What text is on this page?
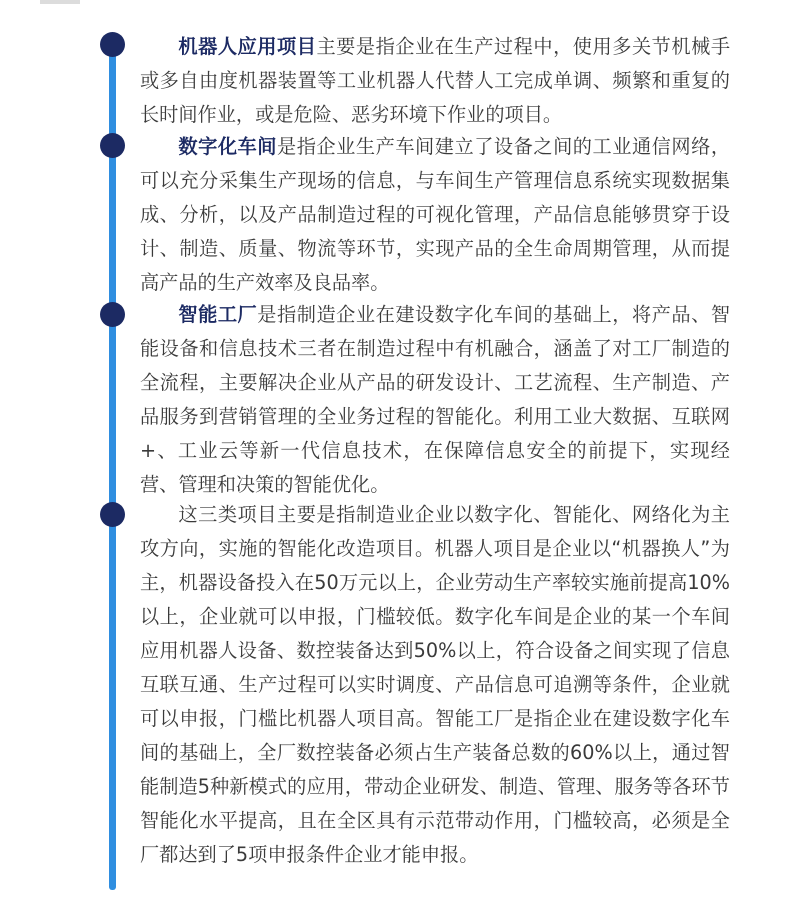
机器人应用项目主要是指企业在生产过程中，使用多关节机械手或多自由度机器装置等工业机器人代替人工完成单调、频繁和重复的长时间作业，或是危险、恶劣环境下作业的项目。

数字化车间是指企业生产车间建立了设备之间的工业通信网络，可以充分采集生产现场的信息，与车间生产管理信息系统实现数据集成、分析，以及产品制造过程的可视化管理，产品信息能够贯穿于设计、制造、质量、物流等环节，实现产品的全生命周期管理，从而提高产品的生产效率及良品率。

智能工厂是指制造企业在建设数字化车间的基础上，将产品、智能设备和信息技术三者在制造过程中有机融合，涵盖了对工厂制造的全流程，主要解决企业从产品的研发设计、工艺流程、生产制造、产品服务到营销管理的全业务过程的智能化。利用工业大数据、互联网+、工业云等新一代信息技术，在保障信息安全的前提下，实现经营、管理和决策的智能优化。

这三类项目主要是指制造业企业以数字化、智能化、网络化为主攻方向，实施的智能化改造项目。机器人项目是企业以“机器换人”为主，机器设备投入在50万元以上，企业劳动生产率较实施前提高10%以上，企业就可以申报，门槛较低。数字化车间是企业的某一个车间应用机器人设备、数控装备达到50%以上，符合设备之间实现了信息互联互通、生产过程可以实时调度、产品信息可追溯等条件，企业就可以申报，门槛比机器人项目高。智能工厂是指企业在建设数字化车间的基础上，全厂数控装备必须占生产装备总数的60%以上，通过智能制造5种新模式的应用，带动企业研发、制造、管理、服务等各环节智能化水平提高，且在全区具有示范带动作用，门槛较高，必须是全厂都达到了5项申报条件企业才能申报。
